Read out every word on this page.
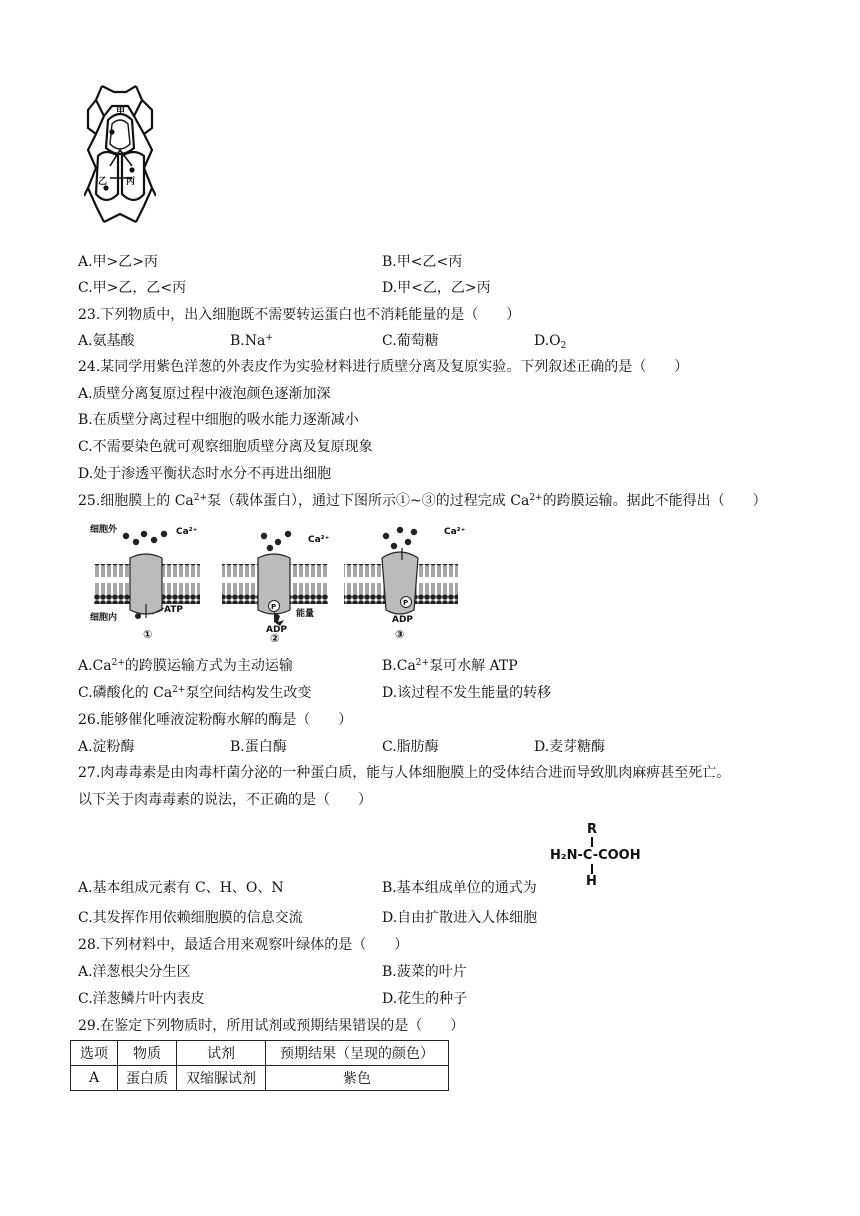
甲
乙 丙
A.甲>乙>丙	B.甲<乙<丙
C.甲>乙，乙<丙	D.甲<乙，乙>丙
23.下列物质中，出入细胞既不需要转运蛋白也不消耗能量的是（　　）
A.氨基酸	B.Na+	C.葡萄糖	$D.O_2$
24.某同学用紫色洋葱的外表皮作为实验材料进行质壁分离及复原实验。下列叙述正确的是（　　）
A.质壁分离复原过程中液泡颜色逐渐加深
B.在质壁分离过程中细胞的吸水能力逐渐减小
C.不需要染色就可观察细胞质壁分离及复原现象
D.处于渗透平衡状态时水分不再进出细胞
25.细胞膜上的 $Ca^{2+}$泵（载体蛋白），通过下图所示①~③的过程完成 $Ca^{2+}$的跨膜运输。据此不能得出（　　）
细胞外	Ca²⁺
Ca²⁺
Ca²⁺
细胞内
ATP
ADP
能量
ADP
P	P
①	②	③
$A.Ca^{2+}$的跨膜运输方式为主动运输	$B.Ca^{2+}$泵可水解 ATP
C.磷酸化的 $Ca^{2+}$泵空间结构发生改变	D.该过程不发生能量的转移
26.能够催化唾液淀粉酶水解的酶是（　　）
A.淀粉酶	B.蛋白酶	C.脂肪酶	D.麦芽糖酶
27.肉毒毒素是由肉毒杆菌分泌的一种蛋白质，能与人体细胞膜上的受体结合进而导致肌肉麻痹甚至死亡。
以下关于肉毒毒素的说法，不正确的是（　　）
R
H₂N-C-COOH
H
A.基本组成元素有 C、H、O、N	B.基本组成单位的通式为
C.其发挥作用依赖细胞膜的信息交流	D.自由扩散进入人体细胞
28.下列材料中，最适合用来观察叶绿体的是（　　）
A.洋葱根尖分生区	B.菠菜的叶片
C.洋葱鳞片叶内表皮	D.花生的种子
29.在鉴定下列物质时，所用试剂或预期结果错误的是（　　）
选项	物质	试剂	预期结果（呈现的颜色）
A	蛋白质	双缩脲试剂	紫色
